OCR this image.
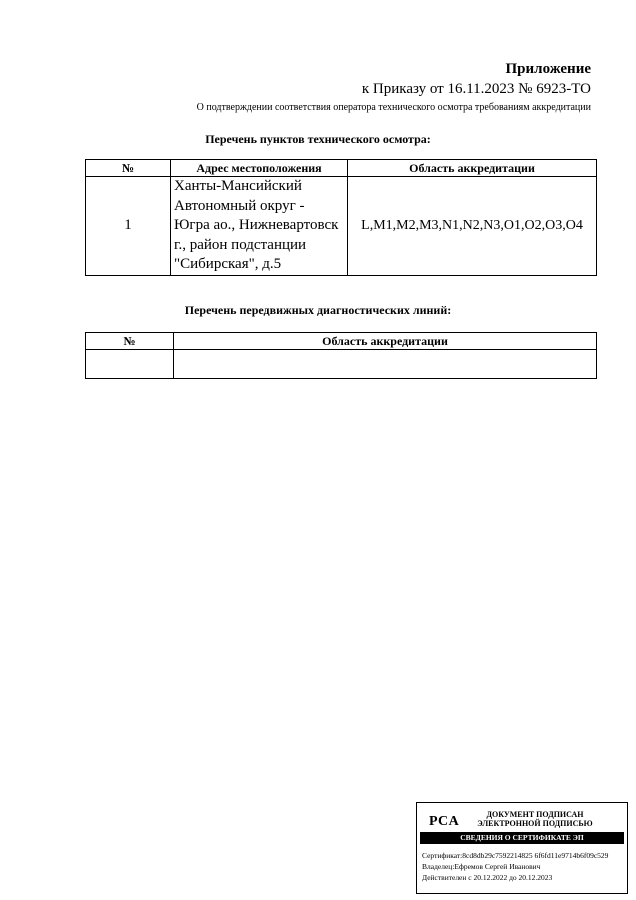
Приложение
к Приказу от 16.11.2023 № 6923-ТО
О подтверждении соответствия оператора технического осмотра требованиям аккредитации
Перечень пунктов технического осмотра:
№	Адрес местоположения	Область аккредитации
1	Ханты-Мансийский
Автономный округ -
Югра ао., Нижневартовск
г., район подстанции
"Сибирская", д.5	L,M1,M2,M3,N1,N2,N3,O1,O2,O3,O4
Перечень передвижных диагностических линий:
№	Область аккредитации

PCA	ДОКУМЕНТ ПОДПИСАН
ЭЛЕКТРОННОЙ ПОДПИСЬЮ
СВЕДЕНИЯ О СЕРТИФИКАТЕ ЭП
Сертификат:8cd8db29c7592214825 6f6fd11e9714b6f09c529
Владелец:Ефремов Сергей Иванович
Действителен с 20.12.2022 до 20.12.2023
